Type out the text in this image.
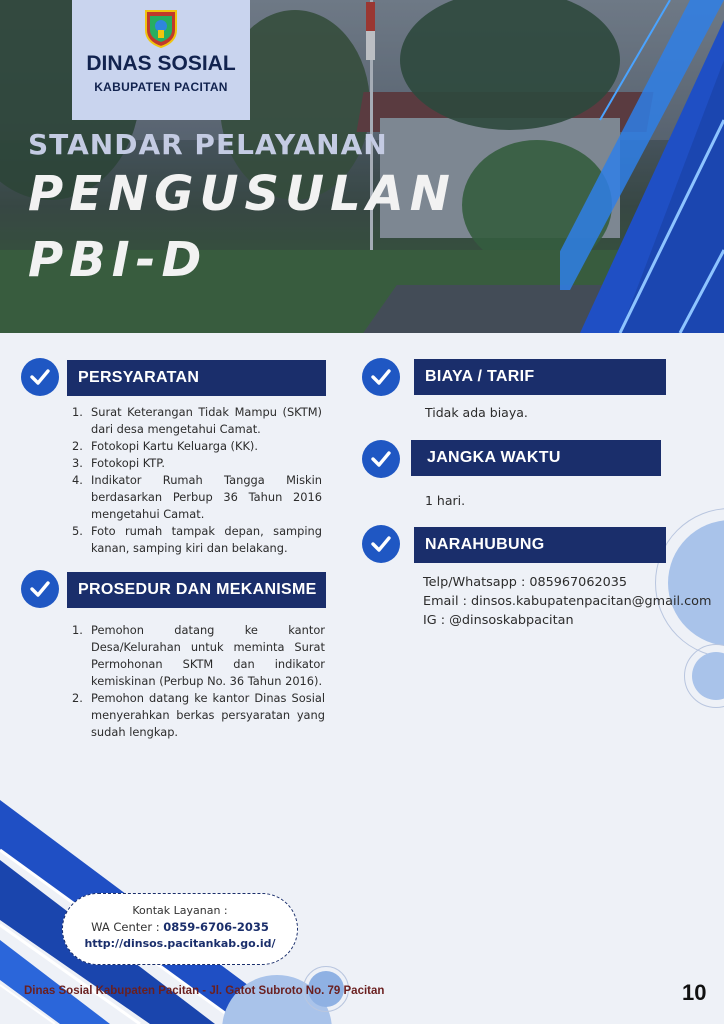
DINAS SOSIAL
KABUPATEN PACITAN
STANDAR PELAYANAN
PENGUSULAN
PBI-D
PERSYARATAN
1. Surat Keterangan Tidak Mampu (SKTM) dari desa mengetahui Camat.
2. Fotokopi Kartu Keluarga (KK).
3. Fotokopi KTP.
4. Indikator Rumah Tangga Miskin berdasarkan Perbup 36 Tahun 2016 mengetahui Camat.
5. Foto rumah tampak depan, samping kanan, samping kiri dan belakang.
PROSEDUR DAN MEKANISME
1. Pemohon datang ke kantor Desa/Kelurahan untuk meminta Surat Permohonan SKTM dan indikator kemiskinan (Perbup No. 36 Tahun 2016).
2. Pemohon datang ke kantor Dinas Sosial menyerahkan berkas persyaratan yang sudah lengkap.
BIAYA / TARIF
Tidak ada biaya.
JANGKA WAKTU
1 hari.
NARAHUBUNG
Telp/Whatsapp : 085967062035
Email : dinsos.kabupatenpacitan@gmail.com
IG : @dinsoskabpacitan
Kontak Layanan :
WA Center : 0859-6706-2035
http://dinsos.pacitankab.go.id/
Dinas Sosial Kabupaten Pacitan - Jl. Gatot Subroto No. 79 Pacitan	10
